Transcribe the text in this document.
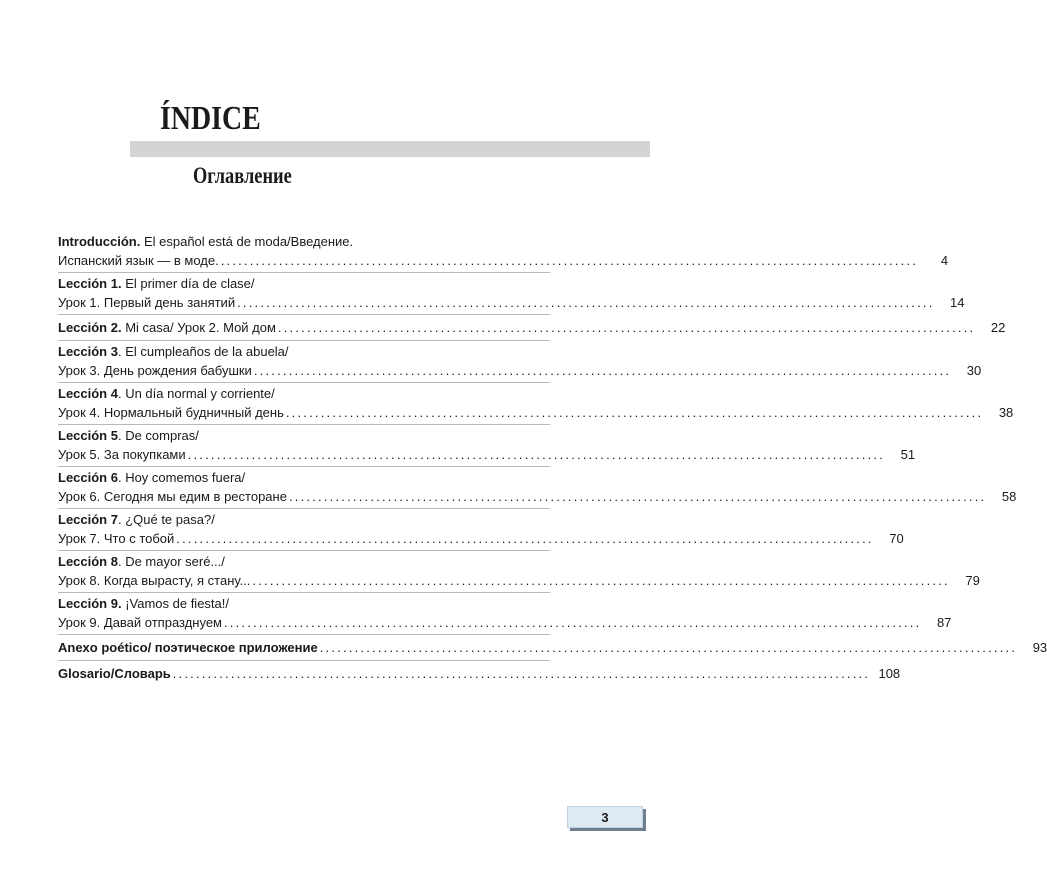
ÍNDICE
Оглавление
Introducción. El español está de moda/Введение.
Испанский язык — в моде. ........................................................................................................................	4
Lección 1. El primer día de clase/
Урок 1. Первый день занятий ........................................................................................................................	14
Lección 2. Mi casa/ Урок 2. Мой дом ........................................................................................................................	22
Lección 3. El cumpleaños de la abuela/
Урок 3. День рождения бабушки ........................................................................................................................	30
Lección 4. Un día normal y corriente/
Урок 4. Нормальный будничный день ........................................................................................................................	38
Lección 5. De compras/
Урок 5. За покупками ........................................................................................................................	51
Lección 6. Hoy comemos fuera/
Урок 6. Сегодня мы едим в ресторане ........................................................................................................................	58
Lección 7. ¿Qué te pasa?/
Урок 7. Что с тобой ........................................................................................................................	70
Lección 8. De mayor seré.../
Урок 8. Когда вырасту, я стану... ........................................................................................................................	79
Lección 9. ¡Vamos de fiesta!/
Урок 9. Давай отпразднуем ........................................................................................................................	87
Anexo poético/ поэтическое приложение ........................................................................................................................	93
Glosario/Словарь ........................................................................................................................ 108
3
